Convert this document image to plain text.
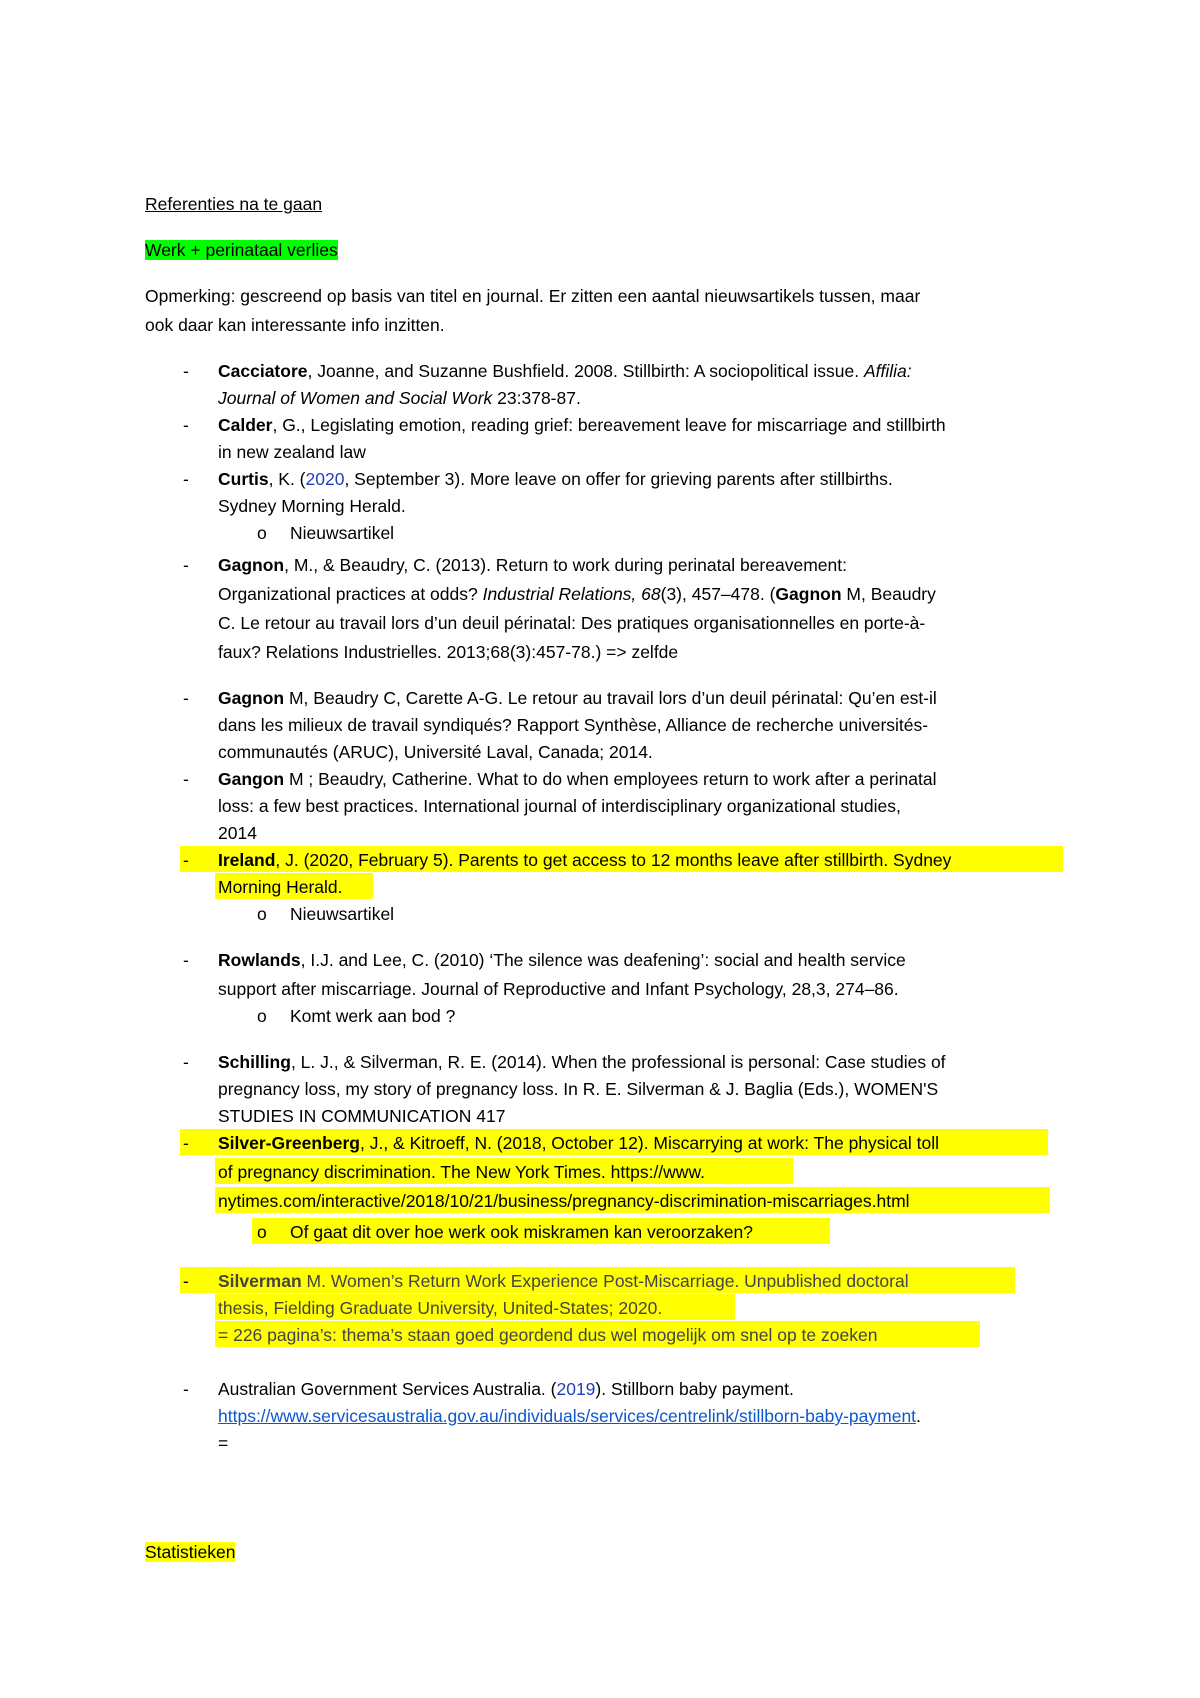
Referenties na te gaan
Werk + perinataal verlies
Opmerking: gescreend op basis van titel en journal. Er zitten een aantal nieuwsartikels tussen, maar
ook daar kan interessante info inzitten.
- Cacciatore, Joanne, and Suzanne Bushfield. 2008. Stillbirth: A sociopolitical issue. Affilia:
Journal of Women and Social Work 23:378-87.
- Calder, G., Legislating emotion, reading grief: bereavement leave for miscarriage and stillbirth
in new zealand law
- Curtis, K. (2020, September 3). More leave on offer for grieving parents after stillbirths.
Sydney Morning Herald.
o Nieuwsartikel
- Gagnon, M., & Beaudry, C. (2013). Return to work during perinatal bereavement:
Organizational practices at odds? Industrial Relations, 68(3), 457–478. (Gagnon M, Beaudry
C. Le retour au travail lors d’un deuil périnatal: Des pratiques organisationnelles en porte-à-
faux? Relations Industrielles. 2013;68(3):457-78.) => zelfde
- Gagnon M, Beaudry C, Carette A-G. Le retour au travail lors d’un deuil périnatal: Qu’en est-il
dans les milieux de travail syndiqués? Rapport Synthèse, Alliance de recherche universités-
communautés (ARUC), Université Laval, Canada; 2014.
- Gangon M ; Beaudry, Catherine. What to do when employees return to work after a perinatal
loss: a few best practices. International journal of interdisciplinary organizational studies,
2014
- Ireland, J. (2020, February 5). Parents to get access to 12 months leave after stillbirth. Sydney
Morning Herald.
o Nieuwsartikel
- Rowlands, I.J. and Lee, C. (2010) ‘The silence was deafening’: social and health service
support after miscarriage. Journal of Reproductive and Infant Psychology, 28,3, 274–86.
o Komt werk aan bod ?
- Schilling, L. J., & Silverman, R. E. (2014). When the professional is personal: Case studies of
pregnancy loss, my story of pregnancy loss. In R. E. Silverman & J. Baglia (Eds.), WOMEN'S
STUDIES IN COMMUNICATION 417
- Silver-Greenberg, J., & Kitroeff, N. (2018, October 12). Miscarrying at work: The physical toll
of pregnancy discrimination. The New York Times. https://www.
nytimes.com/interactive/2018/10/21/business/pregnancy-discrimination-miscarriages.html
o Of gaat dit over hoe werk ook miskramen kan veroorzaken?
- Silverman M. Women’s Return Work Experience Post-Miscarriage. Unpublished doctoral
thesis, Fielding Graduate University, United-States; 2020.
= 226 pagina’s: thema’s staan goed geordend dus wel mogelijk om snel op te zoeken
- Australian Government Services Australia. (2019). Stillborn baby payment.
https://www.servicesaustralia.gov.au/individuals/services/centrelink/stillborn-baby-payment.
=
Statistieken
